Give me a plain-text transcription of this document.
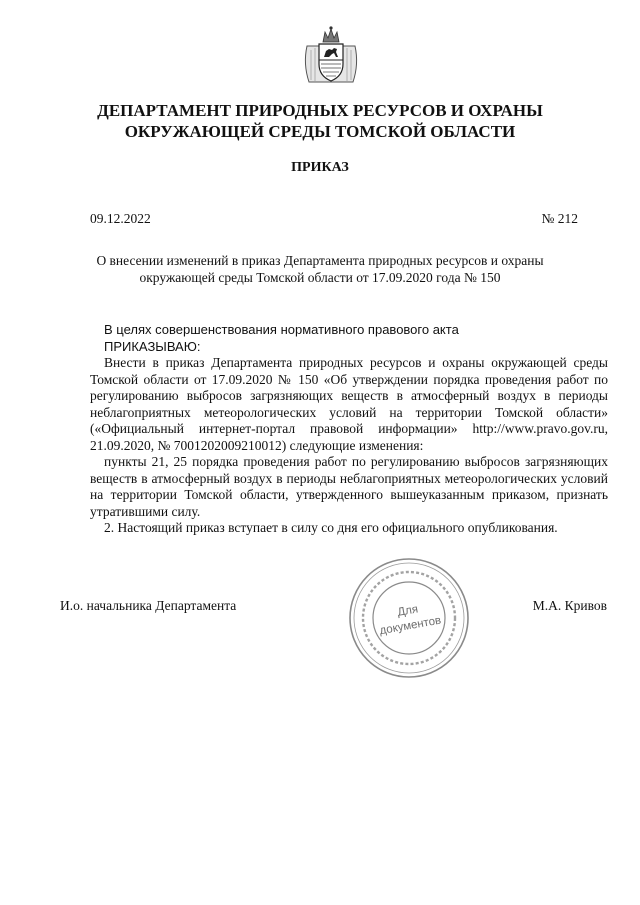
ДЕПАРТАМЕНТ ПРИРОДНЫХ РЕСУРСОВ И ОХРАНЫ
ОКРУЖАЮЩЕЙ СРЕДЫ ТОМСКОЙ ОБЛАСТИ
ПРИКАЗ
09.12.2022	№ 212
О внесении изменений в приказ Департамента природных ресурсов и охраны
окружающей среды Томской области от 17.09.2020 года № 150

В целях совершенствования нормативного правового акта

ПРИКАЗЫВАЮ:

Внести в приказ Департамента природных ресурсов и охраны окружающей среды Томской области от 17.09.2020 № 150 «Об утверждении порядка проведения работ по регулированию выбросов загрязняющих веществ в атмосферный воздух в периоды неблагоприятных метеорологических условий на территории Томской области» («Официальный интернет-портал правовой информации» http://www.pravo.gov.ru, 21.09.2020, № 7001202009210012) следующие изменения:

пункты 21, 25 порядка проведения работ по регулированию выбросов загрязняющих веществ в атмосферный воздух в периоды неблагоприятных метеорологических условий на территории Томской области, утвержденного вышеуказанным приказом, признать утратившими силу.

2. Настоящий приказ вступает в силу со дня его официального опубликования.

И.о. начальника Департамента	М.А. Кривов
Для
документов
